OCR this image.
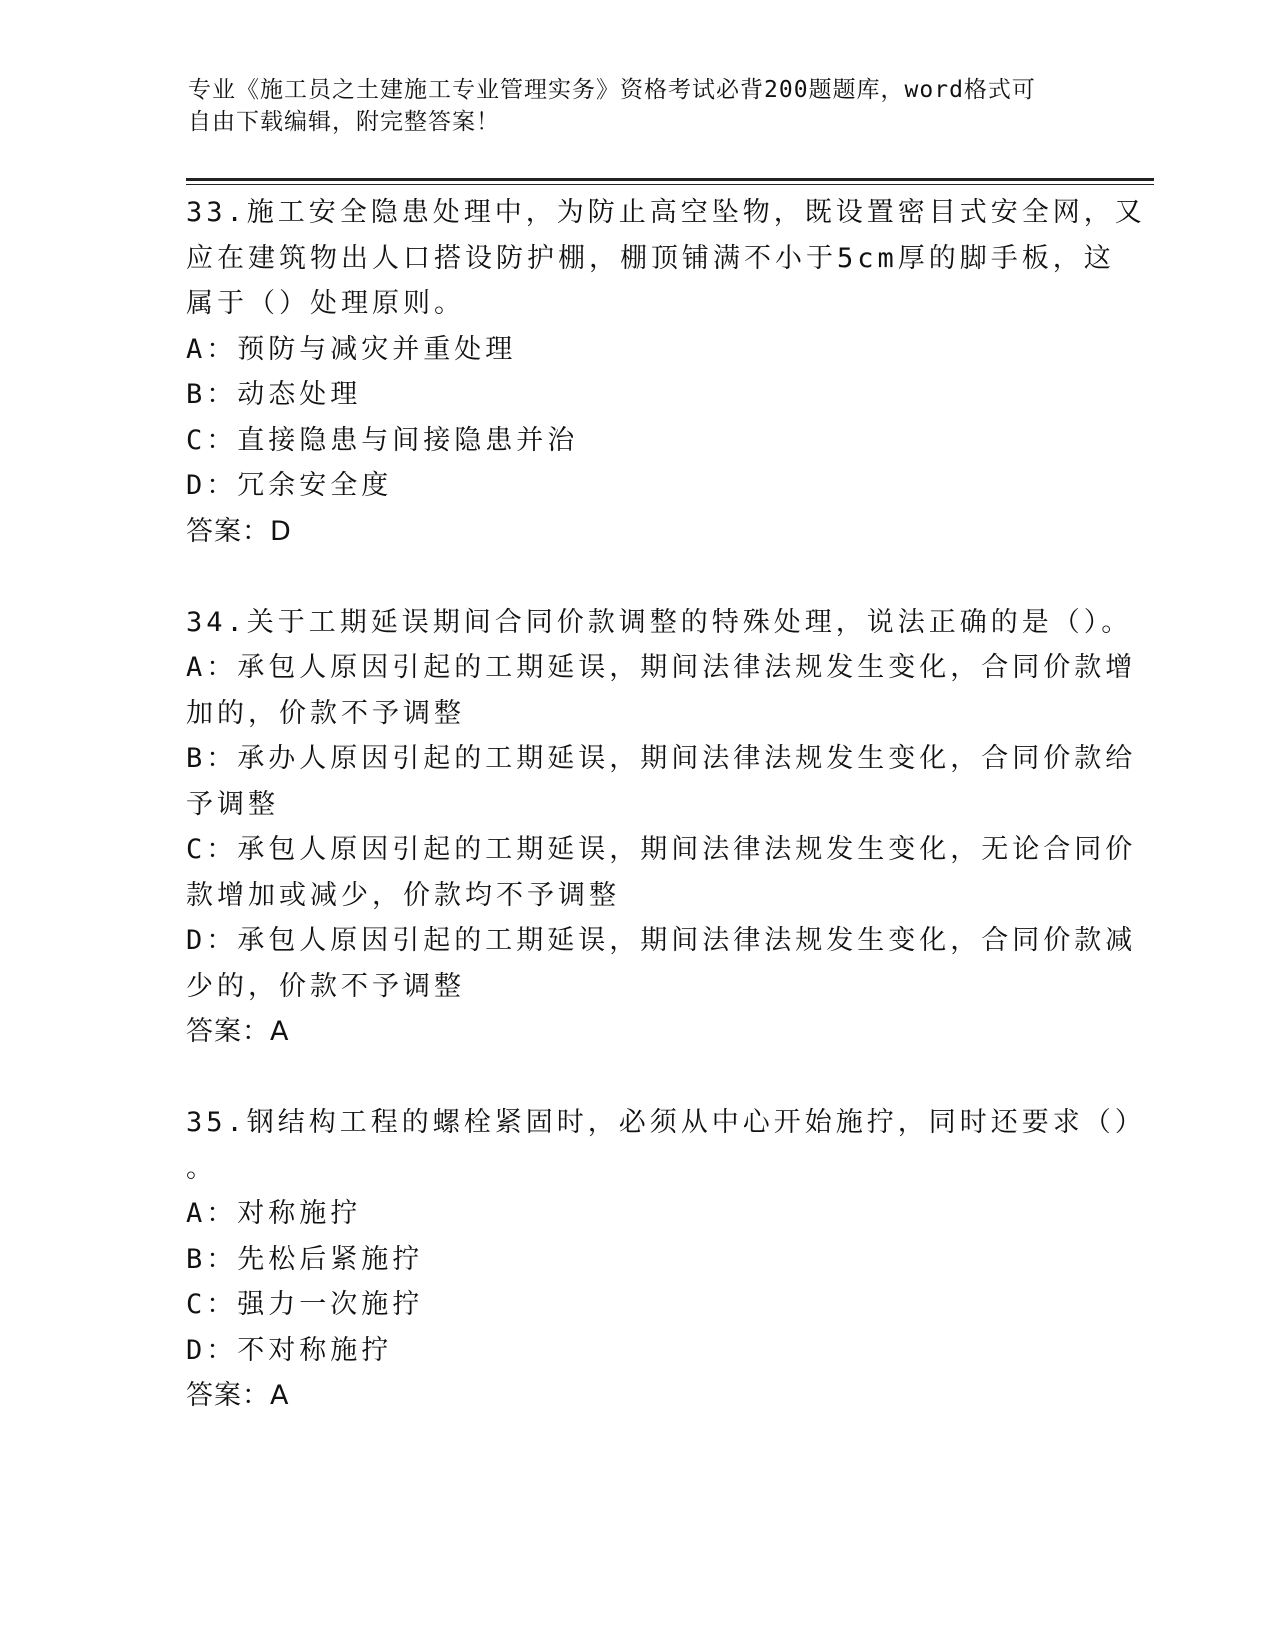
专业《施工员之土建施工专业管理实务》资格考试必背200题题库，word格式可
自由下载编辑，附完整答案！
33.施工安全隐患处理中，为防止高空坠物，既设置密目式安全网，又
应在建筑物出人口搭设防护棚，棚顶铺满不小于5cm厚的脚手板，这
属于（）处理原则。
A：预防与减灾并重处理
B：动态处理
C：直接隐患与间接隐患并治
D：冗余安全度
答案：D
34.关于工期延误期间合同价款调整的特殊处理，说法正确的是（）。
A：承包人原因引起的工期延误，期间法律法规发生变化，合同价款增
加的，价款不予调整
B：承办人原因引起的工期延误，期间法律法规发生变化，合同价款给
予调整
C：承包人原因引起的工期延误，期间法律法规发生变化，无论合同价
款增加或减少，价款均不予调整
D：承包人原因引起的工期延误，期间法律法规发生变化，合同价款减
少的，价款不予调整
答案：A
35.钢结构工程的螺栓紧固时，必须从中心开始施拧，同时还要求（）
。
A：对称施拧
B：先松后紧施拧
C：强力一次施拧
D：不对称施拧
答案：A
